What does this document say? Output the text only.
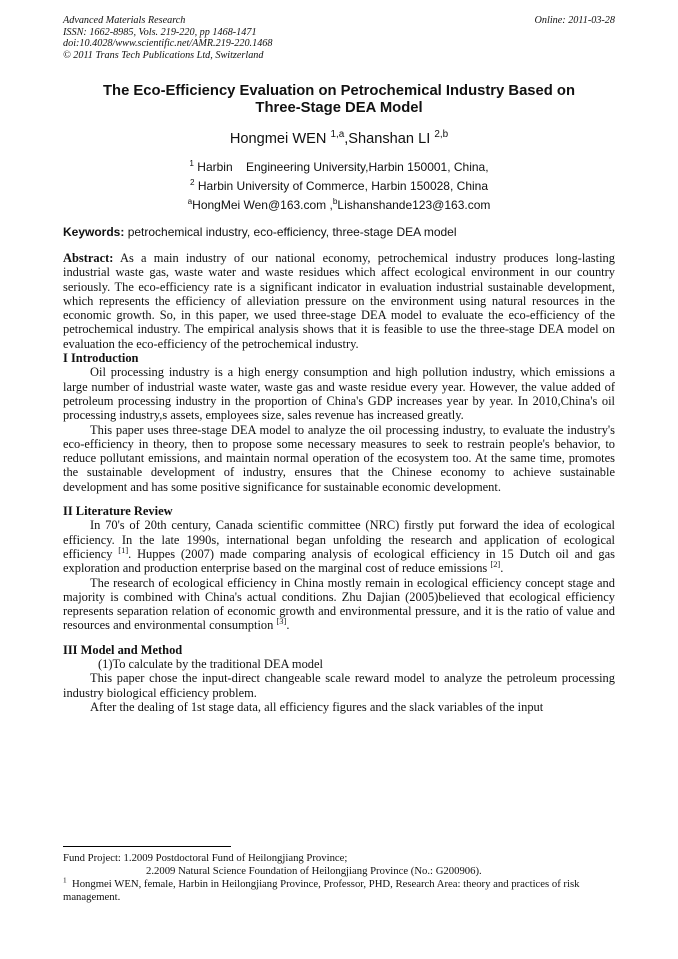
Advanced Materials Research
ISSN: 1662-8985, Vols. 219-220, pp 1468-1471
doi:10.4028/www.scientific.net/AMR.219-220.1468
© 2011 Trans Tech Publications Ltd, Switzerland
Online: 2011-03-28
The Eco-Efficiency Evaluation on Petrochemical Industry Based on
Three-Stage DEA Model
Hongmei WEN $^{1,a}$,Shanshan LI $^{2,b}$
$^1$ Harbin    Engineering University,Harbin 150001, China,
$^2$ Harbin University of Commerce, Harbin 150028, China
$^a$HongMei Wen@163.com ,$^b$Lishanshande123@163.com
Keywords: petrochemical industry, eco-efficiency, three-stage DEA model

Abstract: As a main industry of our national economy, petrochemical industry produces long-lasting industrial waste gas, waste water and waste residues which affect ecological environment in our country seriously. The eco-efficiency rate is a significant indicator in evaluation industrial sustainable development, which represents the efficiency of alleviation pressure on the environment using natural resources in the economic growth. So, in this paper, we used three-stage DEA model to evaluate the eco-efficiency of the petrochemical industry. The empirical analysis shows that it is feasible to use the three-stage DEA model on evaluation the eco-efficiency of the petrochemical industry.

I Introduction

Oil processing industry is a high energy consumption and high pollution industry, which emissions a large number of industrial waste water, waste gas and waste residue every year. However, the value added of petroleum processing industry in the proportion of China's GDP increases year by year. In 2010,China's oil processing industry,s assets, employees size, sales revenue has increased greatly.

This paper uses three-stage DEA model to analyze the oil processing industry, to evaluate the industry's eco-efficiency in theory, then to propose some necessary measures to seek to restrain people's behavior, to reduce pollutant emissions, and maintain normal operation of the ecosystem too. At the same time, promotes the sustainable development of industry, ensures that the Chinese economy to achieve sustainable development and has some positive significance for sustainable economic development.

II Literature Review

In 70's of 20th century, Canada scientific committee (NRC) firstly put forward the idea of ecological efficiency. In the late 1990s, international began unfolding the research and application of ecological efficiency [1]. Huppes (2007) made comparing analysis of ecological efficiency in 15 Dutch oil and gas exploration and production enterprise based on the marginal cost of reduce emissions [2].

The research of ecological efficiency in China mostly remain in ecological efficiency concept stage and majority is combined with China's actual conditions. Zhu Dajian (2005)believed that ecological efficiency represents separation relation of economic growth and environmental pressure, and it is the ratio of value and resources and environmental consumption [3].

III Model and Method

(1)To calculate by the traditional DEA model

This paper chose the input-direct changeable scale reward model to analyze the petroleum processing industry biological efficiency problem.

After the dealing of 1st stage data, all efficiency figures and the slack variables of the input

Fund Project: 1.2009 Postdoctoral Fund of Heilongjiang Province;

2.2009 Natural Science Foundation of Heilongjiang Province (No.: G200906).

$^1$  Hongmei WEN, female, Harbin in Heilongjiang Province, Professor, PHD, Research Area: theory and practices of risk management.
